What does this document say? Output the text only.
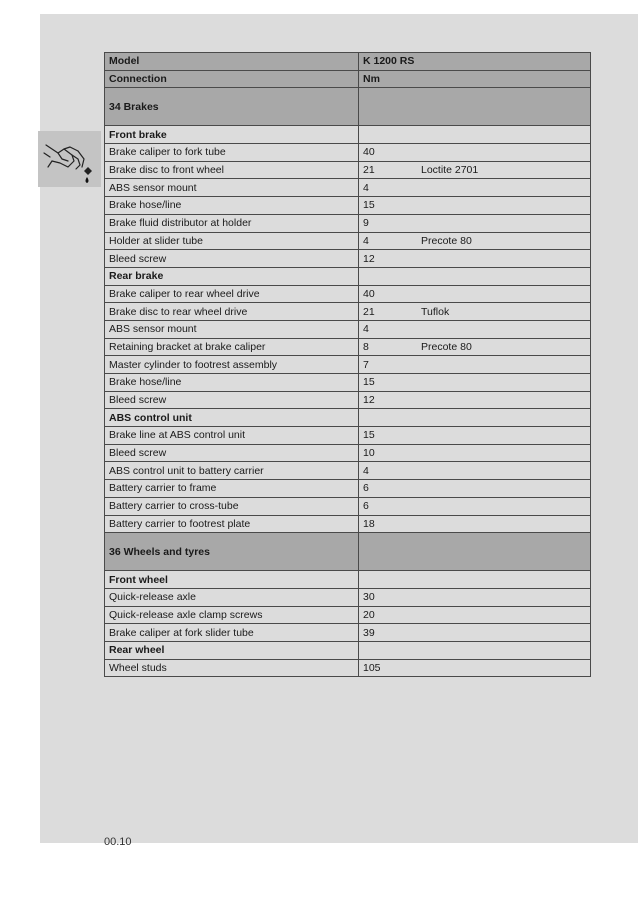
Model	K 1200 RS
Connection	Nm
34 Brakes	
Front brake	
Brake caliper to fork tube	40
Brake disc to front wheel	21 Loctite 2701
ABS sensor mount	4
Brake hose/line	15
Brake fluid distributor at holder	9
Holder at slider tube	4 Precote 80
Bleed screw	12
Rear brake	
Brake caliper to rear wheel drive	40
Brake disc to rear wheel drive	21 Tuflok
ABS sensor mount	4
Retaining bracket at brake caliper	8 Precote 80
Master cylinder to footrest assembly	7
Brake hose/line	15
Bleed screw	12
ABS control unit	
Brake line at ABS control unit	15
Bleed screw	10
ABS control unit to battery carrier	4
Battery carrier to frame	6
Battery carrier to cross-tube	6
Battery carrier to footrest plate	18
36 Wheels and tyres	
Front wheel	
Quick-release axle	30
Quick-release axle clamp screws	20
Brake caliper at fork slider tube	39
Rear wheel	
Wheel studs	105
00.10
